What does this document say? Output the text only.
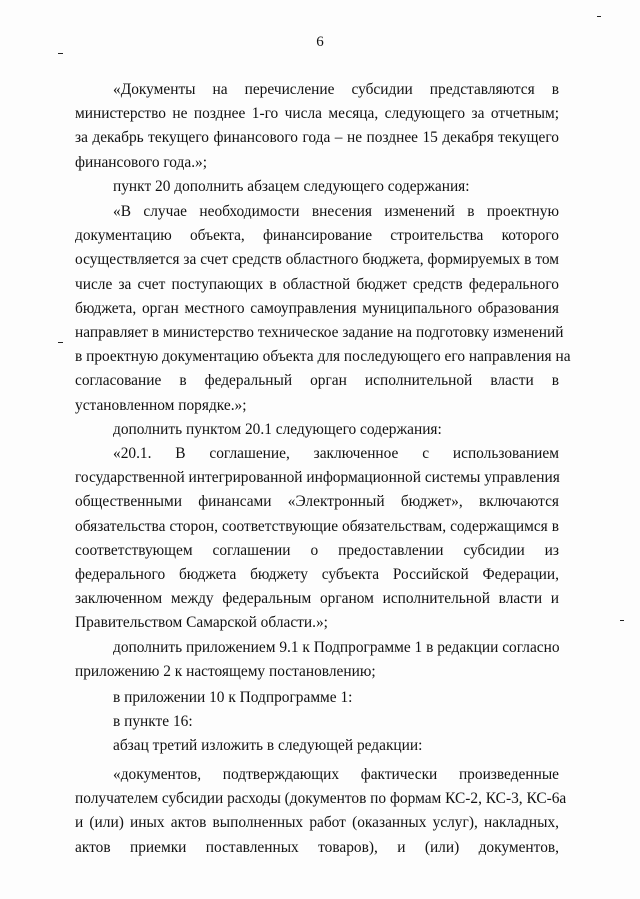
6
«Документы на перечисление субсидии представляются в
министерство не позднее 1-го числа месяца, следующего за отчетным;
за декабрь текущего финансового года – не позднее 15 декабря текущего
финансового года.»;
пункт 20 дополнить абзацем следующего содержания:
«В случае необходимости внесения изменений в проектную
документацию объекта, финансирование строительства которого
осуществляется за счет средств областного бюджета, формируемых в том
числе за счет поступающих в областной бюджет средств федерального
бюджета, орган местного самоуправления муниципального образования
направляет в министерство техническое задание на подготовку изменений
в проектную документацию объекта для последующего его направления на
согласование в федеральный орган исполнительной власти в
установленном порядке.»;
дополнить пунктом 20.1 следующего содержания:
«20.1. В соглашение, заключенное с использованием
государственной интегрированной информационной системы управления
общественными финансами «Электронный бюджет», включаются
обязательства сторон, соответствующие обязательствам, содержащимся в
соответствующем соглашении о предоставлении субсидии из
федерального бюджета бюджету субъекта Российской Федерации,
заключенном между федеральным органом исполнительной власти и
Правительством Самарской области.»;
дополнить приложением 9.1 к Подпрограмме 1 в редакции согласно
приложению 2 к настоящему постановлению;
в приложении 10 к Подпрограмме 1:
в пункте 16:
абзац третий изложить в следующей редакции:
«документов, подтверждающих фактически произведенные
получателем субсидии расходы (документов по формам КС-2, КС-3, КС-6а
и (или) иных актов выполненных работ (оказанных услуг), накладных,
актов приемки поставленных товаров), и (или) документов,
